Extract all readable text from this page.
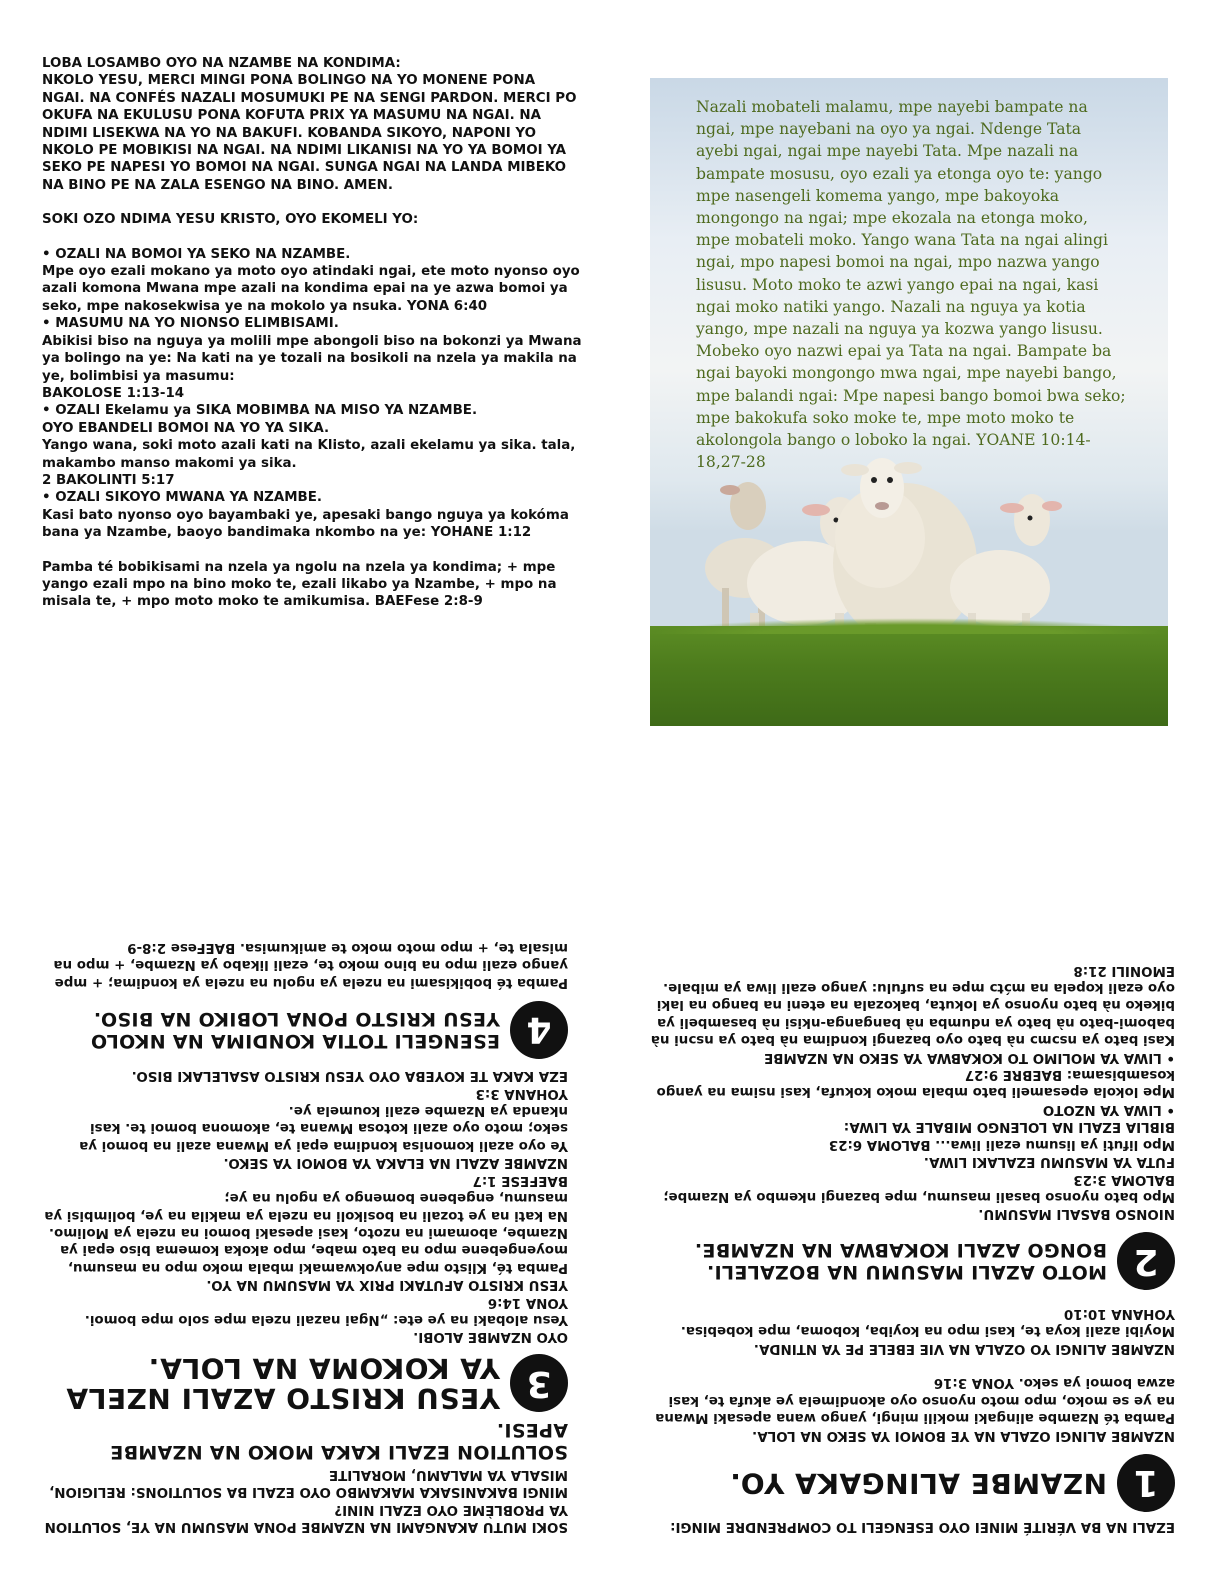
LOBA LOSAMBO OYO NA NZAMBE NA KONDIMA:
NKOLO YESU, MERCI MINGI PONA BOLINGO NA YO MONENE PONA NGAI. NA CONFÉS NAZALI MOSUMUKI PE NA SENGI PARDON. MERCI PO OKUFA NA EKULUSU PONA KOFUTA PRIX YA MASUMU NA NGAI. NA NDIMI LISEKWA NA YO NA BAKUFI. KOBANDA SIKOYO, NAPONI YO NKOLO PE MOBIKISI NA NGAI. NA NDIMI LIKANISI NA YO YA BOMOI YA SEKO PE NAPESI YO BOMOI NA NGAI. SUNGA NGAI NA LANDA MIBEKO NA BINO PE NA ZALA ESENGO NA BINO. AMEN.

SOKI OZO NDIMA YESU KRISTO, OYO EKOMELI YO:

• OZALI NA BOMOI YA SEKO NA NZAMBE.
Mpe oyo ezali mokano ya moto oyo atindaki ngai, ete moto nyonso oyo azali komona Mwana mpe azali na kondima epai na ye azwa bomoi ya seko, mpe nakosekwisa ye na mokolo ya nsuka. YONA 6:40

• MASUMU NA YO NIONSO ELIMBISAMI.
Abikisi biso na nguya ya molili mpe abongoli biso na bokonzi ya Mwana ya bolingo na ye: Na kati na ye tozali na bosikoli na nzela ya makila na ye, bolimbisi ya masumu:
BAKOLOSE 1:13-14

• OZALI Ekelamu ya SIKA MOBIMBA NA MISO YA NZAMBE.
OYO EBANDELI BOMOI NA YO YA SIKA.
Yango wana, soki moto azali kati na Klisto, azali ekelamu ya sika. tala, makambo manso makomi ya sika.
2 BAKOLINTI 5:17

• OZALI SIKOYO MWANA YA NZAMBE.
Kasi bato nyonso oyo bayambaki ye, apesaki bango nguya ya kokóma bana ya Nzambe, baoyo bandimaka nkombo na ye: YOHANE 1:12

Pamba té bobikisami na nzela ya ngolu na nzela ya kondima; + mpe yango ezali mpo na bino moko te, ezali likabo ya Nzambe, + mpo na misala te, + mpo moto moko te amikumisa. BAEFese 2:8-9

Nazali mobateli malamu, mpe nayebi bampate na ngai, mpe nayebani na oyo ya ngai. Ndenge Tata ayebi ngai, ngai mpe nayebi Tata. Mpe nazali na bampate mosusu, oyo ezali ya etonga oyo te: yango mpe nasengeli komema yango, mpe bakoyoka mongongo na ngai; mpe ekozala na etonga moko, mpe mobateli moko. Yango wana Tata na ngai alingi ngai, mpo napesi bomoi na ngai, mpo nazwa yango lisusu. Moto moko te azwi yango epai na ngai, kasi ngai moko natiki yango. Nazali na nguya ya kotia yango, mpe nazali na nguya ya kozwa yango lisusu. Mobeko oyo nazwi epai ya Tata na ngai. Bampate ba ngai bayoki mongongo mwa ngai, mpe nayebi bango, mpe balandi ngai: Mpe napesi bango bomoi bwa seko; mpe bakokufa soko moke te, mpe moto moko te akolongola bango o loboko la ngai. YOANE 10:14-18,27-28

SOKI MUTU AKANGAMI NA NZAMBE PONA MASUMU NA YE, SOLUTION YA PROBLÈME OYO EZALI NINI?
MINGI BAKANISAKA MAKAMBO OYO EZALI BA SOLUTIONS: RELIGION, MISALA YA MALAMU, MORALITE

SOLUTION EZALI KAKA MOKO NA NZAMBE APESI.

3

YESU KRISTO AZALI NZELA YA KOKOMA NA LOLA.

OYO NZAMBE ALOBI.
Yesu alobaki na ye ete: „Ngai nazali nzela mpe solo mpe bomoi. YONA 14:6
YESU KRISTO AFUTAKI PRIX YA MASUMU NA YO.
Pamba té, Klisto mpe anyokwamaki mbala moko mpo na masumu, moyengebene mpo na bato mabe, mpo akoka komema biso epai ya Nzambe, abomami na nzoto, kasi apesaki bomoi na nzela ya Molimo.
Na kati na ye tozali na bosikoli na nzela ya makila na ye, bolimbisi ya masumu, engebene bomengo ya ngolu na ye;
BAEFESE 1:7
NZAMBE AZALI NA ELAKA YA BOMOI YA SEKO.
Ye oyo azali komonisa kondima epai ya Mwana azali na bomoi ya seko; moto oyo azali kotosa Mwana te, akomona bomoi te. kasi nkanda ya Nzambe ezali koumela ye.
YOHANA 3:3
EZA KAKA TE KOYEBA OYO YESU KRISTO ASALELAKI BISO.

4

ESENGELI TOTIA KONDIMA NA NKOLO YESU KRISTO PONA LOBIKO NA BISO.

Pamba té bobikisami na nzela ya ngolu na nzela ya kondima; + mpe yango ezali mpo na bino moko te, ezali likabo ya Nzambe, + mpo na misala te, + mpo moto moko te amikumisa. BAEFese 2:8-9

EZALI NA BA VÉRITÉ MINEI OYO ESENGELI TO COMPRENDRE MINGI:

1

NZAMBE ALINGAKA YO.

NZAMBE ALINGI OZALA NA YE BOMOI YA SEKO NA LOLA.
Pamba té Nzambe alingaki mokili mingi, yango wana apesaki Mwana na ye se moko, mpo moto nyonso oyo akondimela ye akufa te, kasi azwa bomoi ya seko. YONA 3:16

NZAMBE ALINGI YO OZALA NA VIE EBELE PE YA NTINDA.
Moyibi azali koya te, kasi mpo na koyiba, koboma, mpe kobebisa. YOHANA 10:10

2

MOTO AZALI MASUMU NA BOZALELI. BONGO AZALI KOKABWA NA NZAMBE.

NIONSO BASALI MASUMU.
Mpo bato nyonso basali masumu, mpe bazangi nkembo ya Nzambe; BALOMA 3:23
FUTA YA MASUMU EZALAKI LIWA.
Mpo lifuti ya lisumu ezali liwa... BALOMA 6:23
BIBLIA EZALI NA LOLENGO MIBALE YA LIWA:
• LIWA YA NZOTO
Mpe lokola epesameli bato mbala moko kokufa, kasi nsima na yango kosambisama: BAEBRE 9:27
• LIWA YA MOLIMO TO KOKABWA YA SEKO NA NZAMBE
Kasi bato ya nsɔmɔ nà bato oyo bazangi kondima nà bato ya nsɔni nà babomi-bato nà bato ya ndumba nà banganga-nkisi nà basambeli ya bikeko nà bato nyonso ya lokuta, bakozala na eteni na bango na laki oyo ezali kopela na mɔ́tɔ mpe na sufulu: yango ezali liwa ya mibale. EMONILI 21:8
